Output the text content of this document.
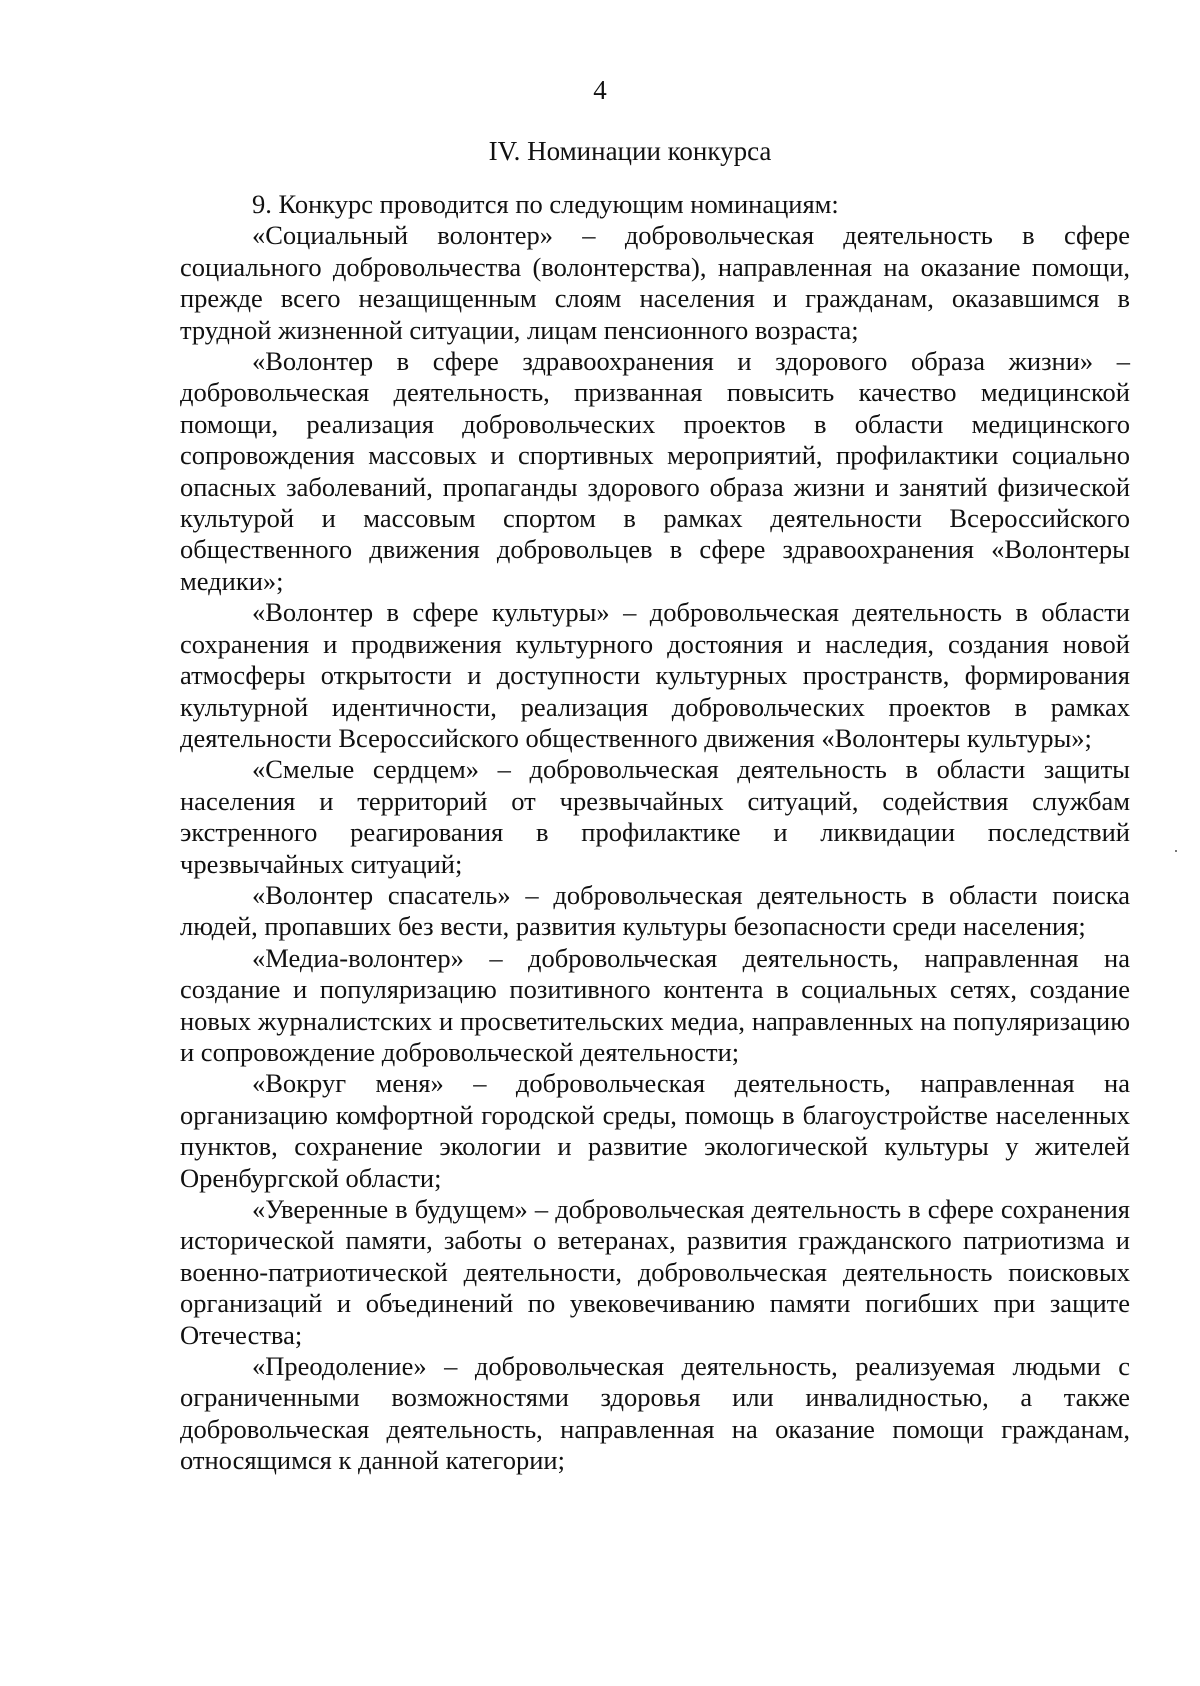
4
IV. Номинации конкурса

9. Конкурс проводится по следующим номинациям:

«Социальный волонтер» – добровольческая деятельность в сфере социального добровольчества (волонтерства), направленная на оказание помощи, прежде всего незащищенным слоям населения и гражданам, оказавшимся в трудной жизненной ситуации, лицам пенсионного возраста;

«Волонтер в сфере здравоохранения и здорового образа жизни» – добровольческая деятельность, призванная повысить качество медицинской помощи, реализация добровольческих проектов в области медицинского сопровождения массовых и спортивных мероприятий, профилактики социально опасных заболеваний, пропаганды здорового образа жизни и занятий физической культурой и массовым спортом в рамках деятельности Всероссийского общественного движения добровольцев в сфере здравоохранения «Волонтеры медики»;

«Волонтер в сфере культуры» – добровольческая деятельность в области сохранения и продвижения культурного достояния и наследия, создания новой атмосферы открытости и доступности культурных пространств, формирования культурной идентичности, реализация добровольческих проектов в рамках деятельности Всероссийского общественного движения «Волонтеры культуры»;

«Смелые сердцем» – добровольческая деятельность в области защиты населения и территорий от чрезвычайных ситуаций, содействия службам экстренного реагирования в профилактике и ликвидации последствий чрезвычайных ситуаций;

«Волонтер спасатель» – добровольческая деятельность в области поиска людей, пропавших без вести, развития культуры безопасности среди населения;

«Медиа-волонтер» – добровольческая деятельность, направленная на создание и популяризацию позитивного контента в социальных сетях, создание новых журналистских и просветительских медиа, направленных на популяризацию и сопровождение добровольческой деятельности;

«Вокруг меня» – добровольческая деятельность, направленная на организацию комфортной городской среды, помощь в благоустройстве населенных пунктов, сохранение экологии и развитие экологической культуры у жителей Оренбургской области;

«Уверенные в будущем» – добровольческая деятельность в сфере сохранения исторической памяти, заботы о ветеранах, развития гражданского патриотизма и военно-патриотической деятельности, добровольческая деятельность поисковых организаций и объединений по увековечиванию памяти погибших при защите Отечества;

«Преодоление» – добровольческая деятельность, реализуемая людьми с ограниченными возможностями здоровья или инвалидностью, а также добровольческая деятельность, направленная на оказание помощи гражданам, относящимся к данной категории;
